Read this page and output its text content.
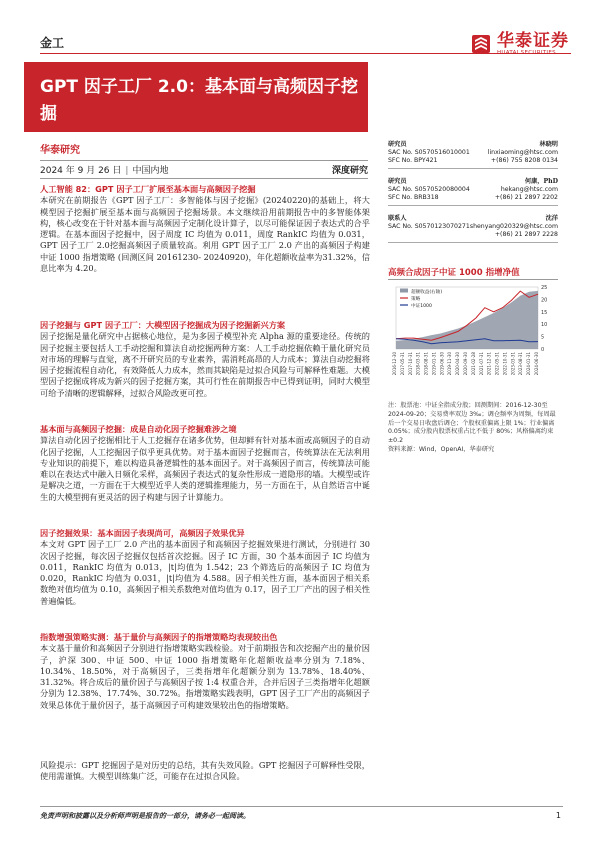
金工	华泰证券
HUATAI SECURITIES
GPT 因子工厂 2.0：基本面与高频因子挖掘
华泰研究
2024 年 9 月 26 日 | 中国内地	深度研究

人工智能 82：GPT 因子工厂扩展至基本面与高频因子挖掘

本研究在前期报告《GPT 因子工厂：多智能体与因子挖掘》(20240220)的基础上，将大模型因子挖掘扩展至基本面与高频因子挖掘场景。本文继续沿用前期报告中的多智能体架构，核心改变在于针对基本面与高频因子定制化设计算子，以尽可能保证因子表达式的合乎逻辑。在基本面因子挖掘中，因子周度 IC 均值为 0.011，周度 RankIC 均值为 0.031，GPT 因子工厂 2.0挖掘高频因子质量较高。利用 GPT 因子工厂 2.0 产出的高频因子构建中证 1000 指增策略 (回测区间 20161230- 20240920)，年化超额收益率为31.32%，信息比率为 4.20。

因子挖掘与 GPT 因子工厂：大模型因子挖掘成为因子挖掘新兴方案

因子挖掘是量化研究中占据核心地位，是为多因子模型补充 Alpha 源的重要途径。传统的因子挖掘主要包括人工手动挖掘和算法自动挖掘两种方案：人工手动挖掘依赖于量化研究员对市场的理解与直觉，离不开研究员的专业素养，需消耗高昂的人力成本；算法自动挖掘将因子挖掘流程自动化，有效降低人力成本，然而其缺陷是过拟合风险与可解释性难题。大模型因子挖掘成将成为新兴的因子挖掘方案，其可行性在前期报告中已得到证明，同时大模型可给予清晰的逻辑解释，过拟合风险改更可控。

基本面与高频因子挖掘：成是自动化因子挖掘难涉之境

算法自动化因子挖掘相比于人工挖掘存在诸多优势，但却鲜有针对基本面或高频因子的自动化因子挖掘，人工挖掘因子似乎更具优势。对于基本面因子挖掘而言，传统算法在无法利用专业知识的前提下，难以构造具备逻辑性的基本面因子。对于高频因子而言，传统算法可能难以在表达式中融入日频化采样，高频因子表达式的复杂性形成一道隐形的墙。大模型或许是解决之道，一方面在于大模型近乎人类的逻辑推理能力，另一方面在于，从自然语言中诞生的大模型拥有更灵活的因子构建与因子计算能力。

因子挖掘效果：基本面因子表现尚可，高频因子效果优异

本文对 GPT 因子工厂 2.0 产出的基本面因子和高频因子挖掘效果进行测试，分别进行 30 次因子挖掘，每次因子挖掘仅包括首次挖掘。因子 IC 方面，30 个基本面因子 IC 均值为 0.011，RankIC 均值为 0.013，|t|均值为 1.542；23 个筛选后的高频因子 IC 均值为 0.020，RankIC 均值为 0.031，|t|均值为 4.588。因子相关性方面，基本面因子相关系数绝对值均值为 0.10，高频因子相关系数绝对值均值为 0.17，因子工厂产出的因子相关性普遍偏低。

指数增强策略实测：基于量价与高频因子的指增策略均表现较出色

本文基于量价和高频因子分别进行指增策略实践检验。对于前期报告和次挖掘产出的量价因子，沪深 300、中证 500、中证 1000 指增策略年化超额收益率分别为 7.18%、10.34%、18.50%，对于高频因子，三类指增年化超额分别为 13.78%、18.40%、31.32%。将合成后的量价因子与高频因子按 1:4 权重合并，合并后因子三类指增年化超额分别为 12.38%、17.74%、30.72%。指增策略实践表明，GPT 因子工厂产出的高频因子效果总体优于量价因子，基于高频因子可构建效果较出色的指增策略。

风险提示：GPT 挖掘因子是对历史的总结，其有失效风险。GPT 挖掘因子可解释性受限，使用需谨慎。大模型训练集广泛，可能存在过拟合风险。

研究员	林晓明
SAC No. S0570516010001	linxiaoming@htsc.com
SFC No. BPY421	+(86) 755 8208 0134
研究员	何康，PhD
SAC No. S0570520080004	hekang@htsc.com
SFC No. BRB318	+(86) 21 2897 2202
联系人	沈洋
SAC No. S0570123070271 shenyang020329@htsc.com
+(86) 21 2897 2228
高频合成因子中证 1000 指增净值
0
5
10
15
20
25
超额收益(右轴)
策略
中证1000
2016-12-30 2017-05-31 2017-10-31 2018-03-31 2018-08-31 2019-01-31 2019-06-30 2019-11-30 2020-04-30 2020-09-30 2021-02-28 2021-07-31 2021-12-31 2022-05-31 2022-10-31 2023-03-31 2023-08-31 2024-01-31 2024-06-30
注：股票池：中证全指成分股；回测期间：2016-12-30至 2024-09-20；交易费率双边 3‰；调仓频率为周频，每周最后一个交易日收盘后调仓；个股权重偏离上限 1%；行业偏离 0.05%；成分股内股票权重占比不低于 80%；风格偏离约束±0.2
资料来源：Wind，OpenAI，华泰研究
免责声明和披露以及分析师声明是报告的一部分，请务必一起阅读。	1
